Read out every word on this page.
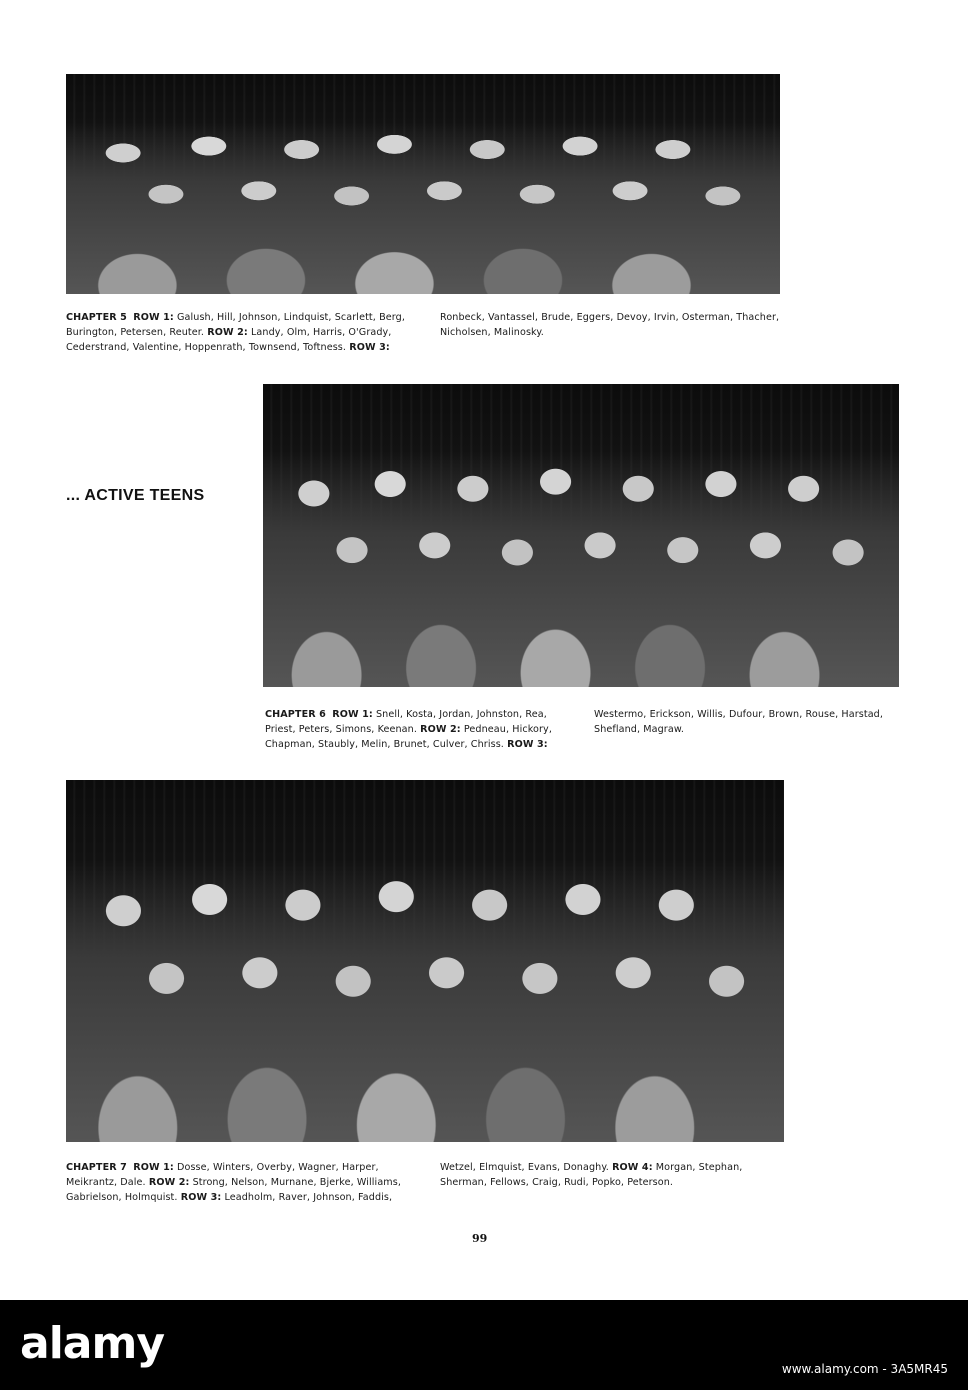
CHAPTER 5 ROW 1: Galush, Hill, Johnson, Lindquist, Scarlett, Berg, Burington, Petersen, Reuter. ROW 2: Landy, Olm, Harris, O'Grady, Cederstrand, Valentine, Hoppenrath, Townsend, Toftness. ROW 3:
Ronbeck, Vantassel, Brude, Eggers, Devoy, Irvin, Osterman, Thacher, Nicholsen, Malinosky.
... ACTIVE TEENS
CHAPTER 6 ROW 1: Snell, Kosta, Jordan, Johnston, Rea, Priest, Peters, Simons, Keenan. ROW 2: Pedneau, Hickory, Chapman, Staubly, Melin, Brunet, Culver, Chriss. ROW 3:
Westermo, Erickson, Willis, Dufour, Brown, Rouse, Harstad, Shefland, Magraw.
CHAPTER 7 ROW 1: Dosse, Winters, Overby, Wagner, Harper, Meikrantz, Dale. ROW 2: Strong, Nelson, Murnane, Bjerke, Williams, Gabrielson, Holmquist. ROW 3: Leadholm, Raver, Johnson, Faddis,
Wetzel, Elmquist, Evans, Donaghy. ROW 4: Morgan, Stephan, Sherman, Fellows, Craig, Rudi, Popko, Peterson.
99
alamy	www.alamy.com - 3A5MR45
